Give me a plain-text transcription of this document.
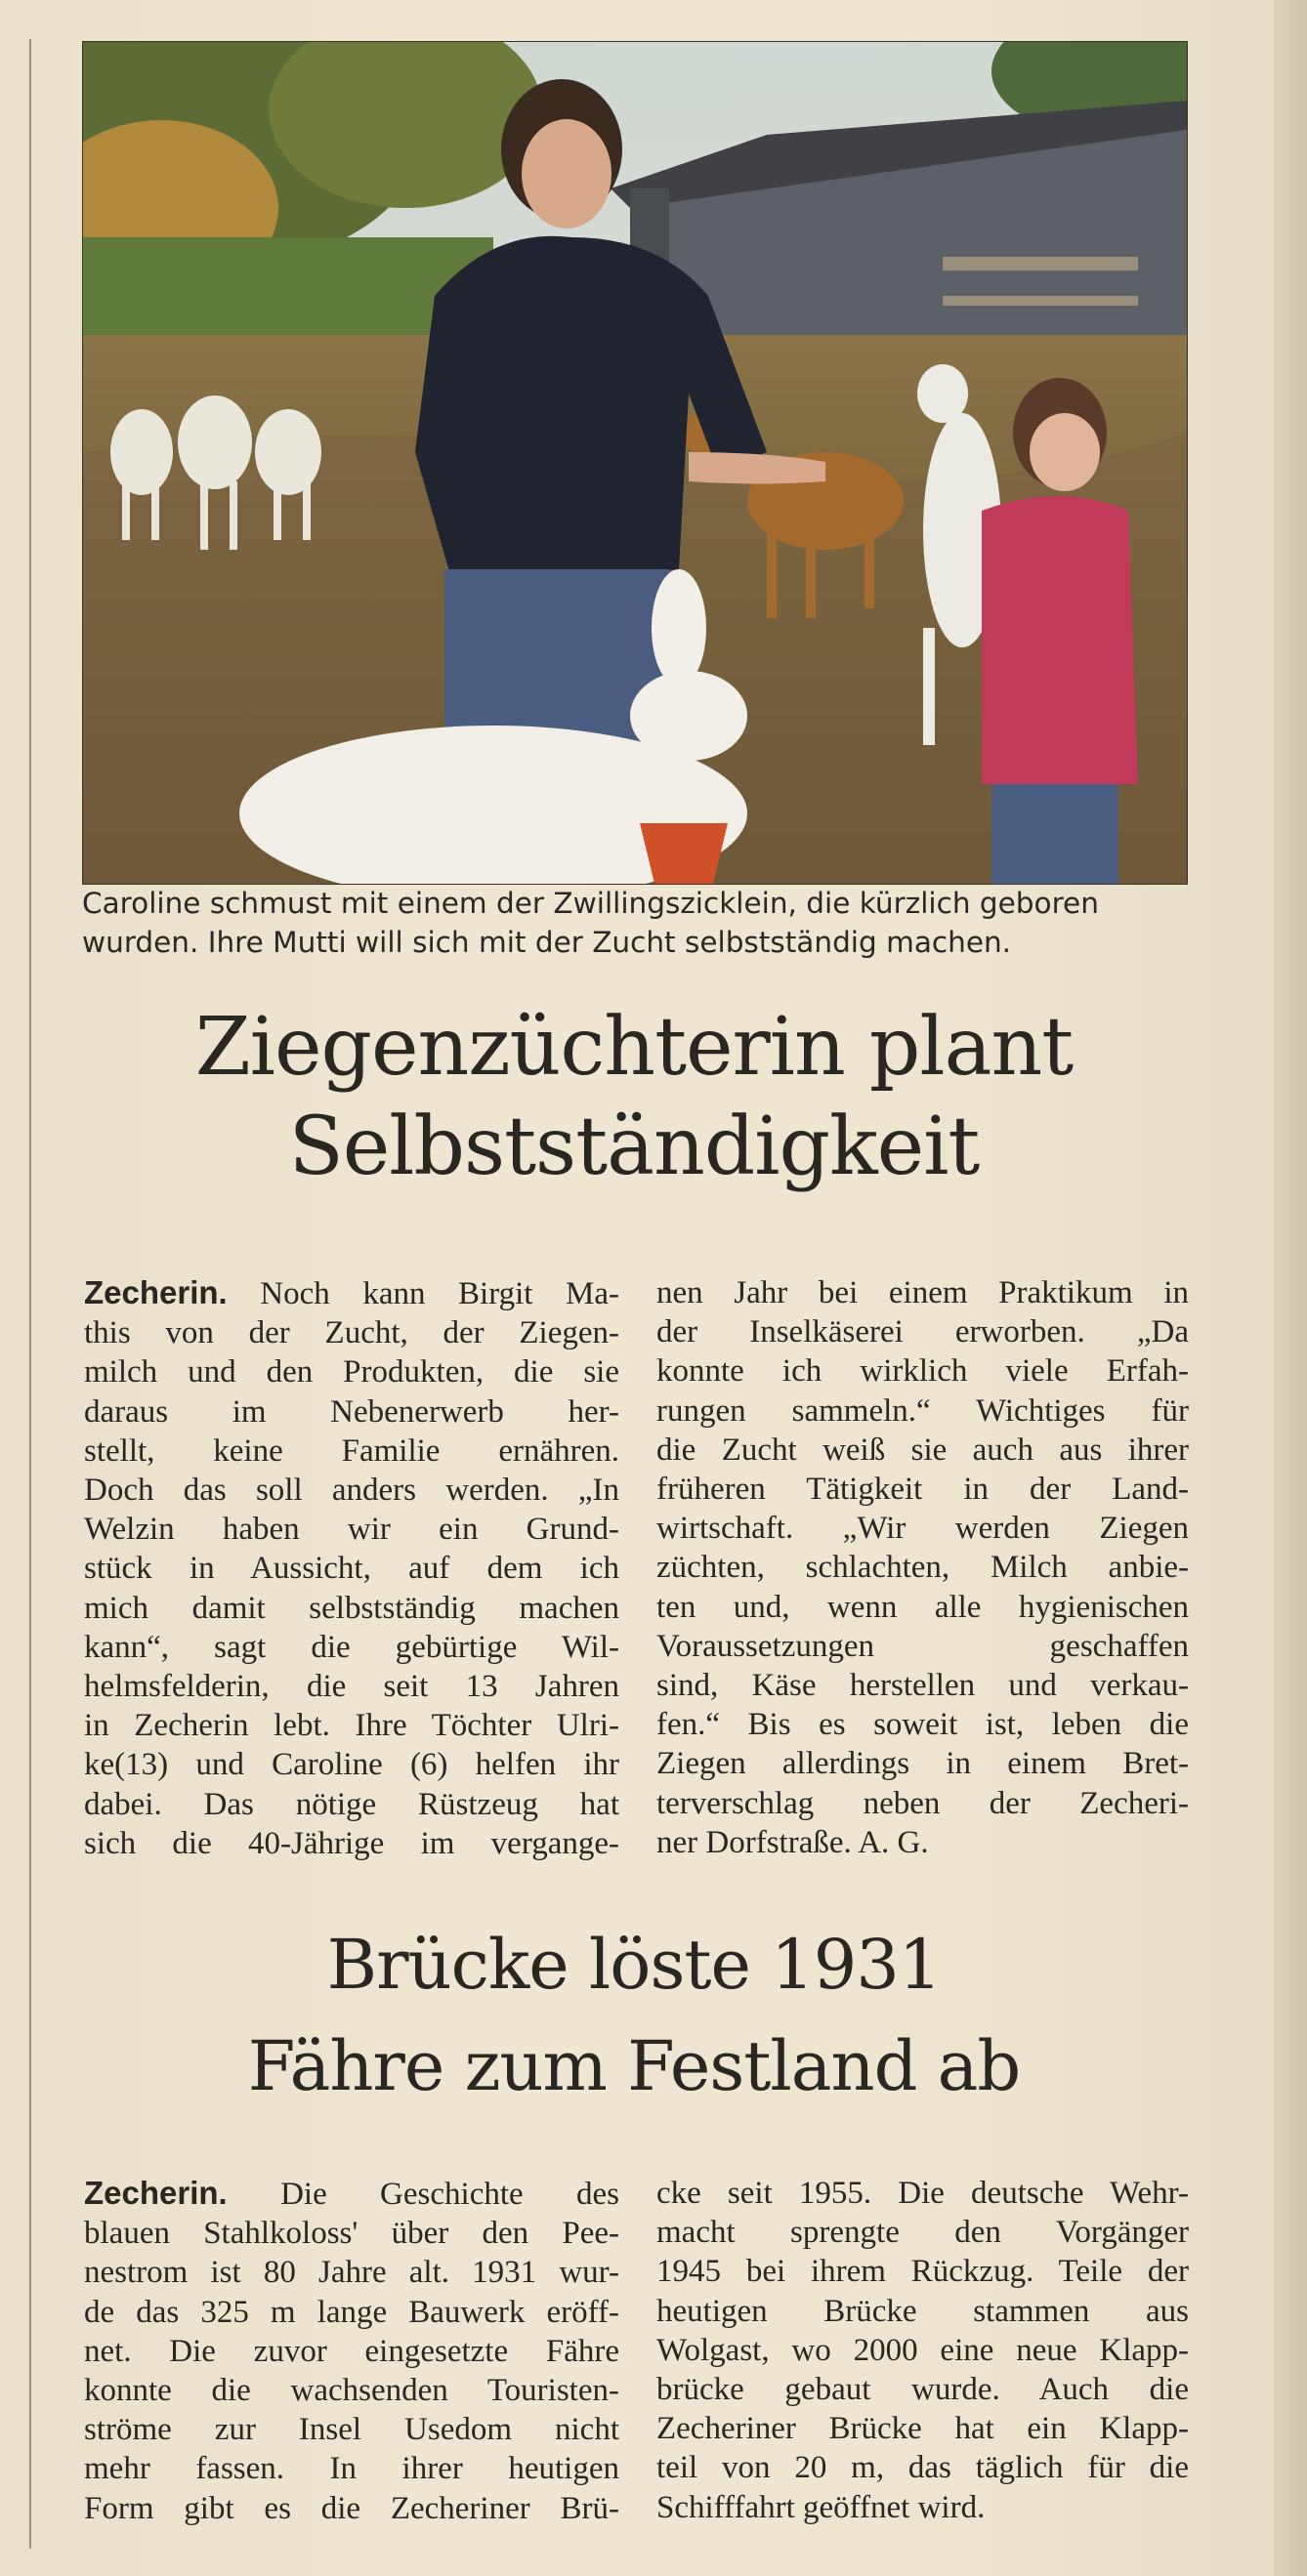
Caroline schmust mit einem der Zwillingszicklein, die kürzlich geboren
wurden. Ihre Mutti will sich mit der Zucht selbstständig machen.
Ziegenzüchterin plant
Selbstständigkeit
Zecherin. Noch kann Birgit Ma-
this von der Zucht, der Ziegen-
milch und den Produkten, die sie
daraus im Nebenerwerb her-
stellt, keine Familie ernähren.
Doch das soll anders werden. „In
Welzin haben wir ein Grund-
stück in Aussicht, auf dem ich
mich damit selbstständig machen
kann“, sagt die gebürtige Wil-
helmsfelderin, die seit 13 Jahren
in Zecherin lebt. Ihre Töchter Ulri-
ke(13) und Caroline (6) helfen ihr
dabei. Das nötige Rüstzeug hat
sich die 40-Jährige im vergange-
nen Jahr bei einem Praktikum in
der Inselkäserei erworben. „Da
konnte ich wirklich viele Erfah-
rungen sammeln.“ Wichtiges für
die Zucht weiß sie auch aus ihrer
früheren Tätigkeit in der Land-
wirtschaft. „Wir werden Ziegen
züchten, schlachten, Milch anbie-
ten und, wenn alle hygienischen
Voraussetzungen geschaffen
sind, Käse herstellen und verkau-
fen.“ Bis es soweit ist, leben die
Ziegen allerdings in einem Bret-
terverschlag neben der Zecheri-
ner Dorfstraße. A. G.
Brücke löste 1931
Fähre zum Festland ab
Zecherin. Die Geschichte des
blauen Stahlkoloss' über den Pee-
nestrom ist 80 Jahre alt. 1931 wur-
de das 325 m lange Bauwerk eröff-
net. Die zuvor eingesetzte Fähre
konnte die wachsenden Touristen-
ströme zur Insel Usedom nicht
mehr fassen. In ihrer heutigen
Form gibt es die Zecheriner Brü-
cke seit 1955. Die deutsche Wehr-
macht sprengte den Vorgänger
1945 bei ihrem Rückzug. Teile der
heutigen Brücke stammen aus
Wolgast, wo 2000 eine neue Klapp-
brücke gebaut wurde. Auch die
Zecheriner Brücke hat ein Klapp-
teil von 20 m, das täglich für die
Schifffahrt geöffnet wird.
